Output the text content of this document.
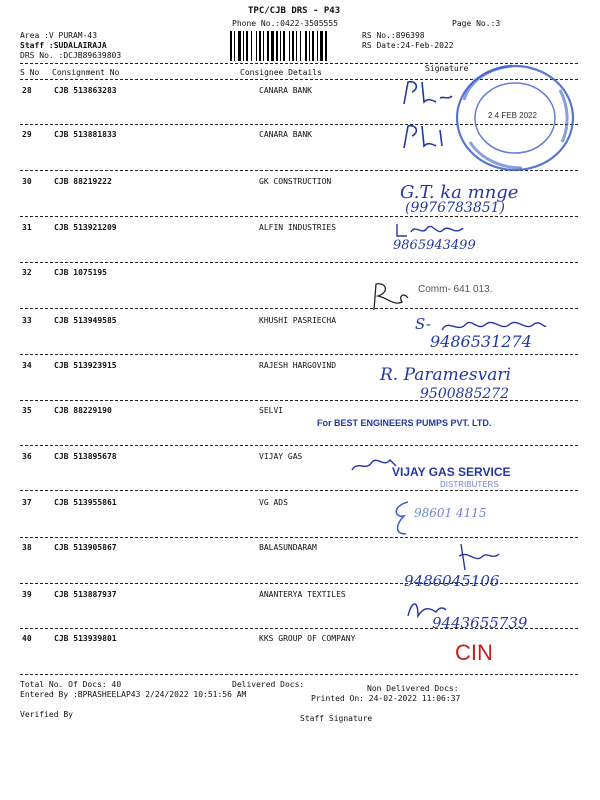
TPC/CJB DRS - P43
Phone No.:0422-3505555	Page No.:3
Area :V PURAM-43
Staff :SUDALAIRAJA
DRS No. :DCJB89639803
RS No.:896398
RS Date:24-Feb-2022
S No Consignment No	Consignee Details	Signature
28	CJB 513863283	CANARA BANK
29	CJB 513881833	CANARA BANK
30	CJB 88219222	GK CONSTRUCTION
31	CJB 513921209	ALFIN INDUSTRIES
32	CJB 1075195
33	CJB 513949585	KHUSHI PASRIECHA
34	CJB 513923915	RAJESH HARGOVIND
35	CJB 88229190	SELVI
36	CJB 513895678	VIJAY GAS
37	CJB 513955861	VG ADS
38	CJB 513905867	BALASUNDARAM
39	CJB 513887937	ANANTERYA TEXTILES
40	CJB 513939801	KKS GROUP OF COMPANY
2 4 FEB 2022
G.T. ka mnge
(9976783851)
9865943499
Comm- 641 013.
S-
9486531274
R. Paramesvari
9500885272
For BEST ENGINEERS PUMPS PVT. LTD.
VIJAY GAS SERVICE
DISTRIBUTERS
98601 4115
9486045106
9443655739
CIN
Total No. Of Docs: 40	Delivered Docs:	Non Delivered Docs:
Entered By :BPRASHEELAP43 2/24/2022 10:51:56 AM	Printed On: 24-02-2022 11:06:37
Verified By	Staff Signature
